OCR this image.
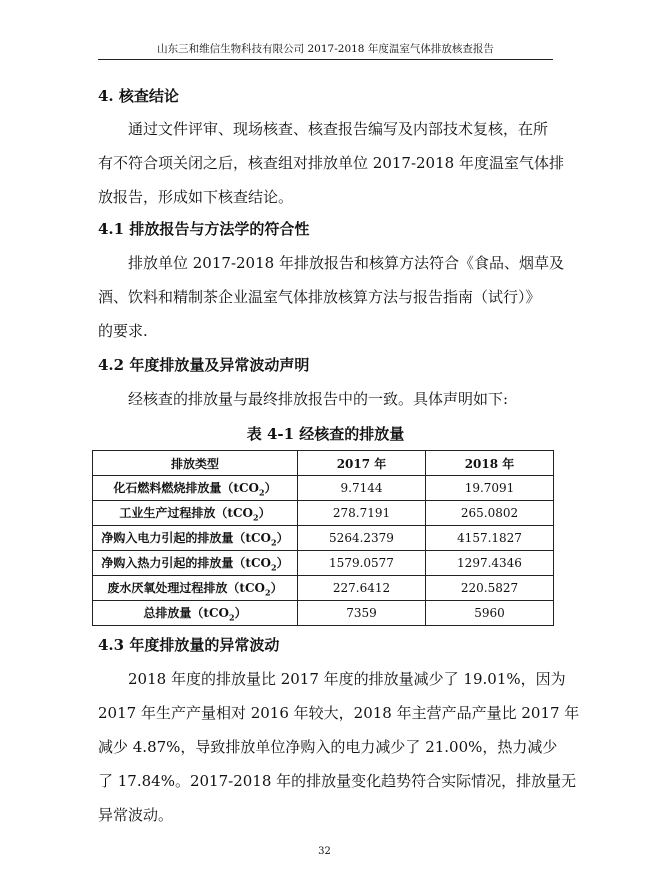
山东三和维信生物科技有限公司 2017-2018 年度温室气体排放核查报告
4. 核查结论
通过文件评审、现场核查、核查报告编写及内部技术复核，在所
有不符合项关闭之后，核查组对排放单位 2017-2018 年度温室气体排
放报告，形成如下核查结论。
4.1 排放报告与方法学的符合性
排放单位 2017-2018 年排放报告和核算方法符合《食品、烟草及
酒、饮料和精制茶企业温室气体排放核算方法与报告指南（试行）》
的要求.
4.2 年度排放量及异常波动声明
经核查的排放量与最终排放报告中的一致。具体声明如下:
表 4-1 经核查的排放量
排放类型	2017 年	2018 年
化石燃料燃烧排放量（tCO$_2$）	9.7144	19.7091
工业生产过程排放（tCO$_2$）	278.7191	265.0802
净购入电力引起的排放量（tCO$_2$）	5264.2379	4157.1827
净购入热力引起的排放量（tCO$_2$）	1579.0577	1297.4346
废水厌氧处理过程排放（tCO$_2$）	227.6412	220.5827
总排放量（tCO$_2$）	7359	5960
4.3 年度排放量的异常波动
2018 年度的排放量比 2017 年度的排放量减少了 19.01%，因为
2017 年生产产量相对 2016 年较大，2018 年主营产品产量比 2017 年
减少 4.87%，导致排放单位净购入的电力减少了 21.00%，热力减少
了 17.84%。2017-2018 年的排放量变化趋势符合实际情况，排放量无
异常波动。
32
